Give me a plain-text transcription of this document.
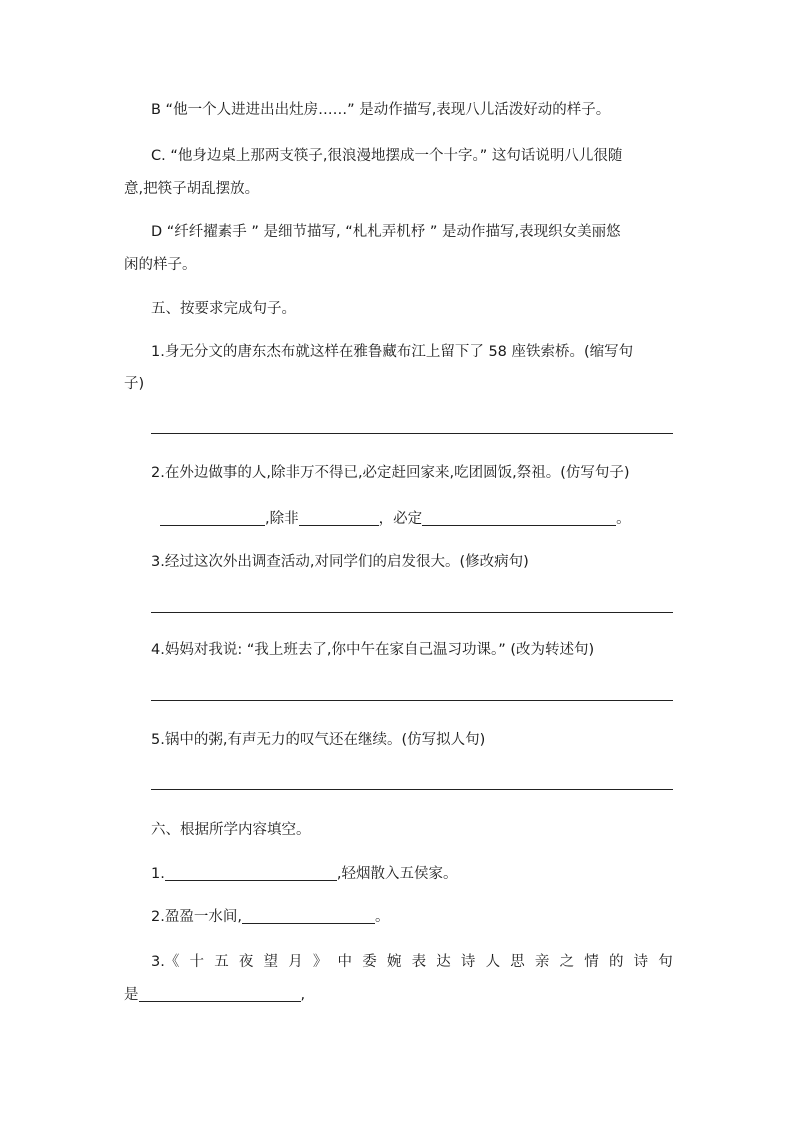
B “他一个人进进出出灶房……” 是动作描写,表现八儿活泼好动的样子。
C. “他身边桌上那两支筷子,很浪漫地摆成一个十字。” 这句话说明八儿很随
意,把筷子胡乱摆放。
D “纤纤擢素手 ” 是细节描写, “札札弄机杼 ” 是动作描写,表现织女美丽悠
闲的样子。
五、按要求完成句子。
1.身无分文的唐东杰布就这样在雅鲁藏布江上留下了 58 座铁索桥。(缩写句
子)
2.在外边做事的人,除非万不得已,必定赶回家来,吃团圆饭,祭祖。(仿写句子)
,除非	，必定	。
3.经过这次外出调查活动,对同学们的启发很大。(修改病句)
4.妈妈对我说: “我上班去了,你中午在家自己温习功课。” (改为转述句)
5.锅中的粥,有声无力的叹气还在继续。(仿写拟人句)
六、根据所学内容填空。
1.	,轻烟散入五侯家。
2.盈盈一水间,	。
3.《 十 五 夜 望 月 》 中 委 婉 表 达 诗 人 思 亲 之 情 的 诗 句
是	,
